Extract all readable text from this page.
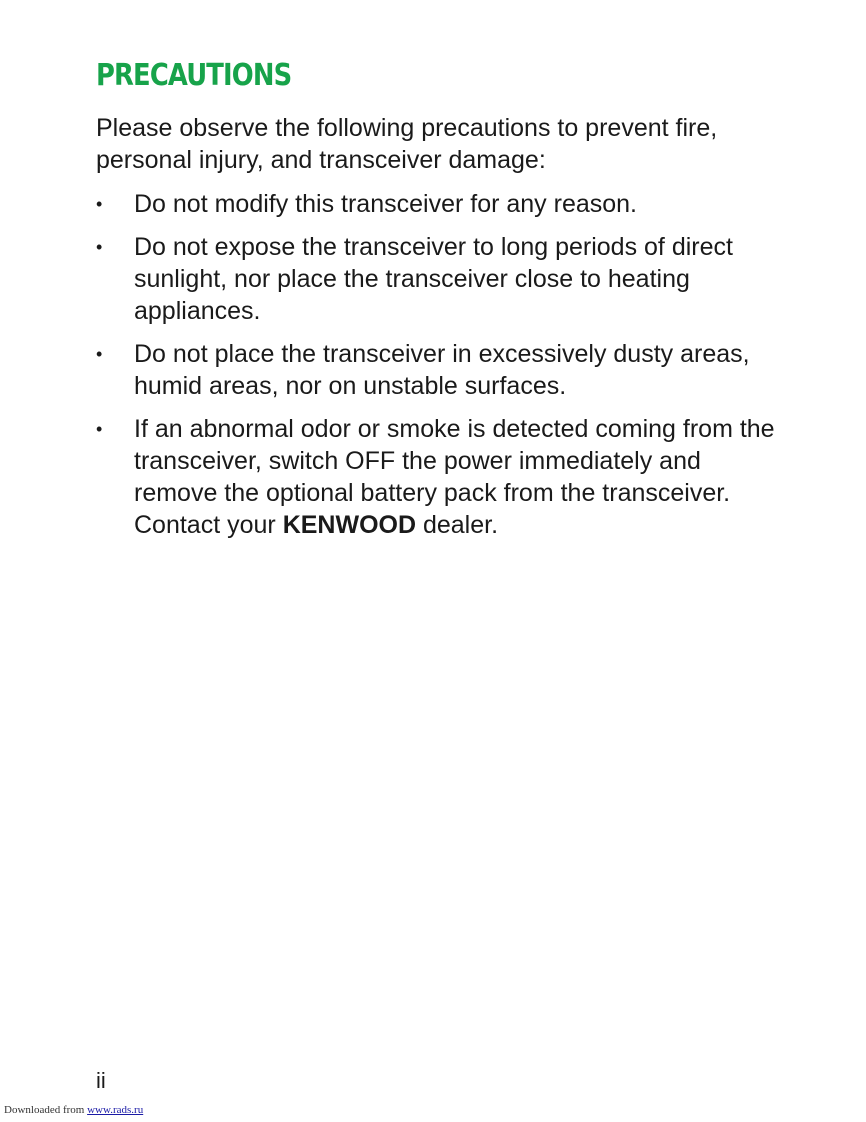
PRECAUTIONS

Please observe the following precautions to prevent fire, personal injury, and transceiver damage:

• Do not modify this transceiver for any reason.
• Do not expose the transceiver to long periods of direct sunlight, nor place the transceiver close to heating appliances.
• Do not place the transceiver in excessively dusty areas, humid areas, nor on unstable surfaces.
• If an abnormal odor or smoke is detected coming from the transceiver, switch OFF the power immediately and remove the optional battery pack from the transceiver. Contact your KENWOOD dealer.
ii
Downloaded from www.rads.ru
